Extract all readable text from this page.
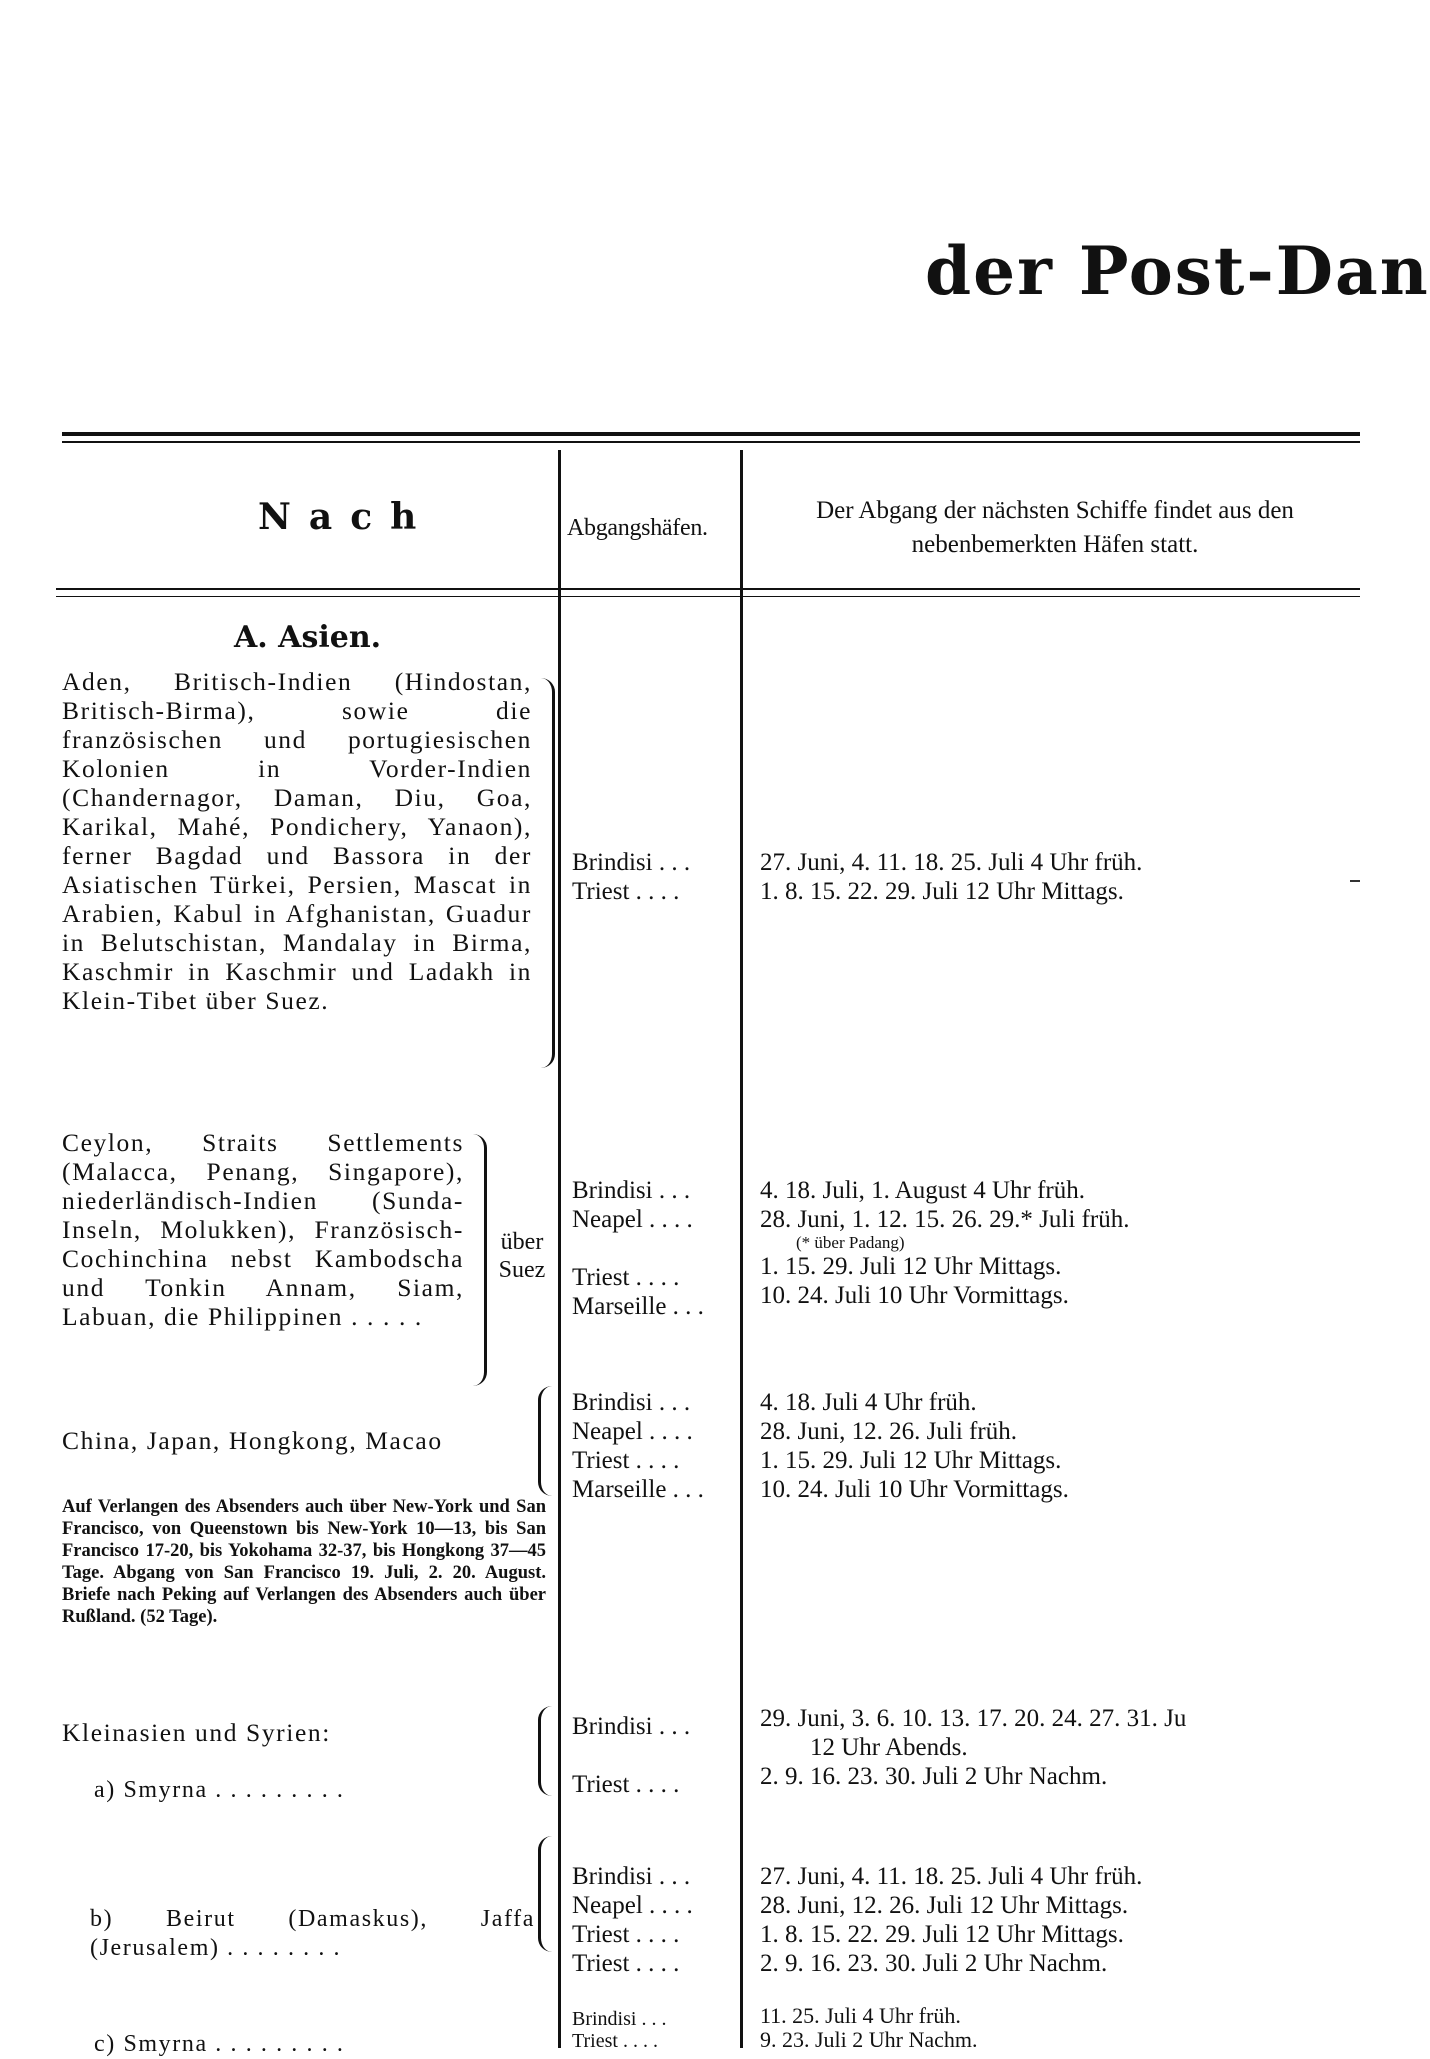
der Post-Dan
Nach	Abgangshäfen.
Der Abgang der nächsten Schiffe findet aus den nebenbemerkten Häfen statt.
A. Asien.
Aden, Britisch-Indien (Hindostan, Britisch-Birma), sowie die französischen und portugiesischen Kolonien in Vorder-Indien (Chandernagor, Daman, Diu, Goa, Karikal, Mahé, Pondichery, Yanaon), ferner Bagdad und Bassora in der Asiatischen Türkei, Persien, Mascat in Arabien, Kabul in Afghanistan, Guadur in Belutschistan, Mandalay in Birma, Kaschmir in Kaschmir und Ladakh in Klein-Tibet über Suez.
Brindisi . . .
Triest . . . .
27. Juni, 4. 11. 18. 25. Juli 4 Uhr früh.
1. 8. 15. 22. 29. Juli 12 Uhr Mittags.
Ceylon, Straits Settlements (Malacca, Penang, Singapore), niederländisch-Indien (Sunda-Inseln, Molukken), Französisch-Cochinchina nebst Kambodscha und Tonkin Annam, Siam, Labuan, die Philippinen . . . . .
über Suez
Brindisi . . .
Neapel . . . .

Triest . . . .
Marseille . . .
4. 18. Juli, 1. August 4 Uhr früh.
28. Juni, 1. 12. 15. 26. 29.* Juli früh.
(* über Padang)
1. 15. 29. Juli 12 Uhr Mittags.
10. 24. Juli 10 Uhr Vormittags.
China, Japan, Hongkong, Macao
Auf Verlangen des Absenders auch über New-York und San Francisco, von Queenstown bis New-York 10—13, bis San Francisco 17-20, bis Yokohama 32-37, bis Hongkong 37—45 Tage. Abgang von San Francisco 19. Juli, 2. 20. August. Briefe nach Peking auf Verlangen des Absenders auch über Rußland. (52 Tage).
Brindisi . . .
Neapel . . . .
Triest . . . .
Marseille . . .
4. 18. Juli 4 Uhr früh.
28. Juni, 12. 26. Juli früh.
1. 15. 29. Juli 12 Uhr Mittags.
10. 24. Juli 10 Uhr Vormittags.
Kleinasien und Syrien:
a) Smyrna . . . . . . . . .
Brindisi . . .

Triest . . . .
29. Juni, 3. 6. 10. 13. 17. 20. 24. 27. 31. Ju
12 Uhr Abends.
2. 9. 16. 23. 30. Juli 2 Uhr Nachm.
b) Beirut (Damaskus), Jaffa (Jerusalem) . . . . . . . .
Brindisi . . .
Neapel . . . .
Triest . . . .
Triest . . . .
27. Juni, 4. 11. 18. 25. Juli 4 Uhr früh.
28. Juni, 12. 26. Juli 12 Uhr Mittags.
1. 8. 15. 22. 29. Juli 12 Uhr Mittags.
2. 9. 16. 23. 30. Juli 2 Uhr Nachm.
c) Smyrna . . . . . . . . .
Brindisi . . .
Triest . . . .
11. 25. Juli 4 Uhr früh.
9. 23. Juli 2 Uhr Nachm.
